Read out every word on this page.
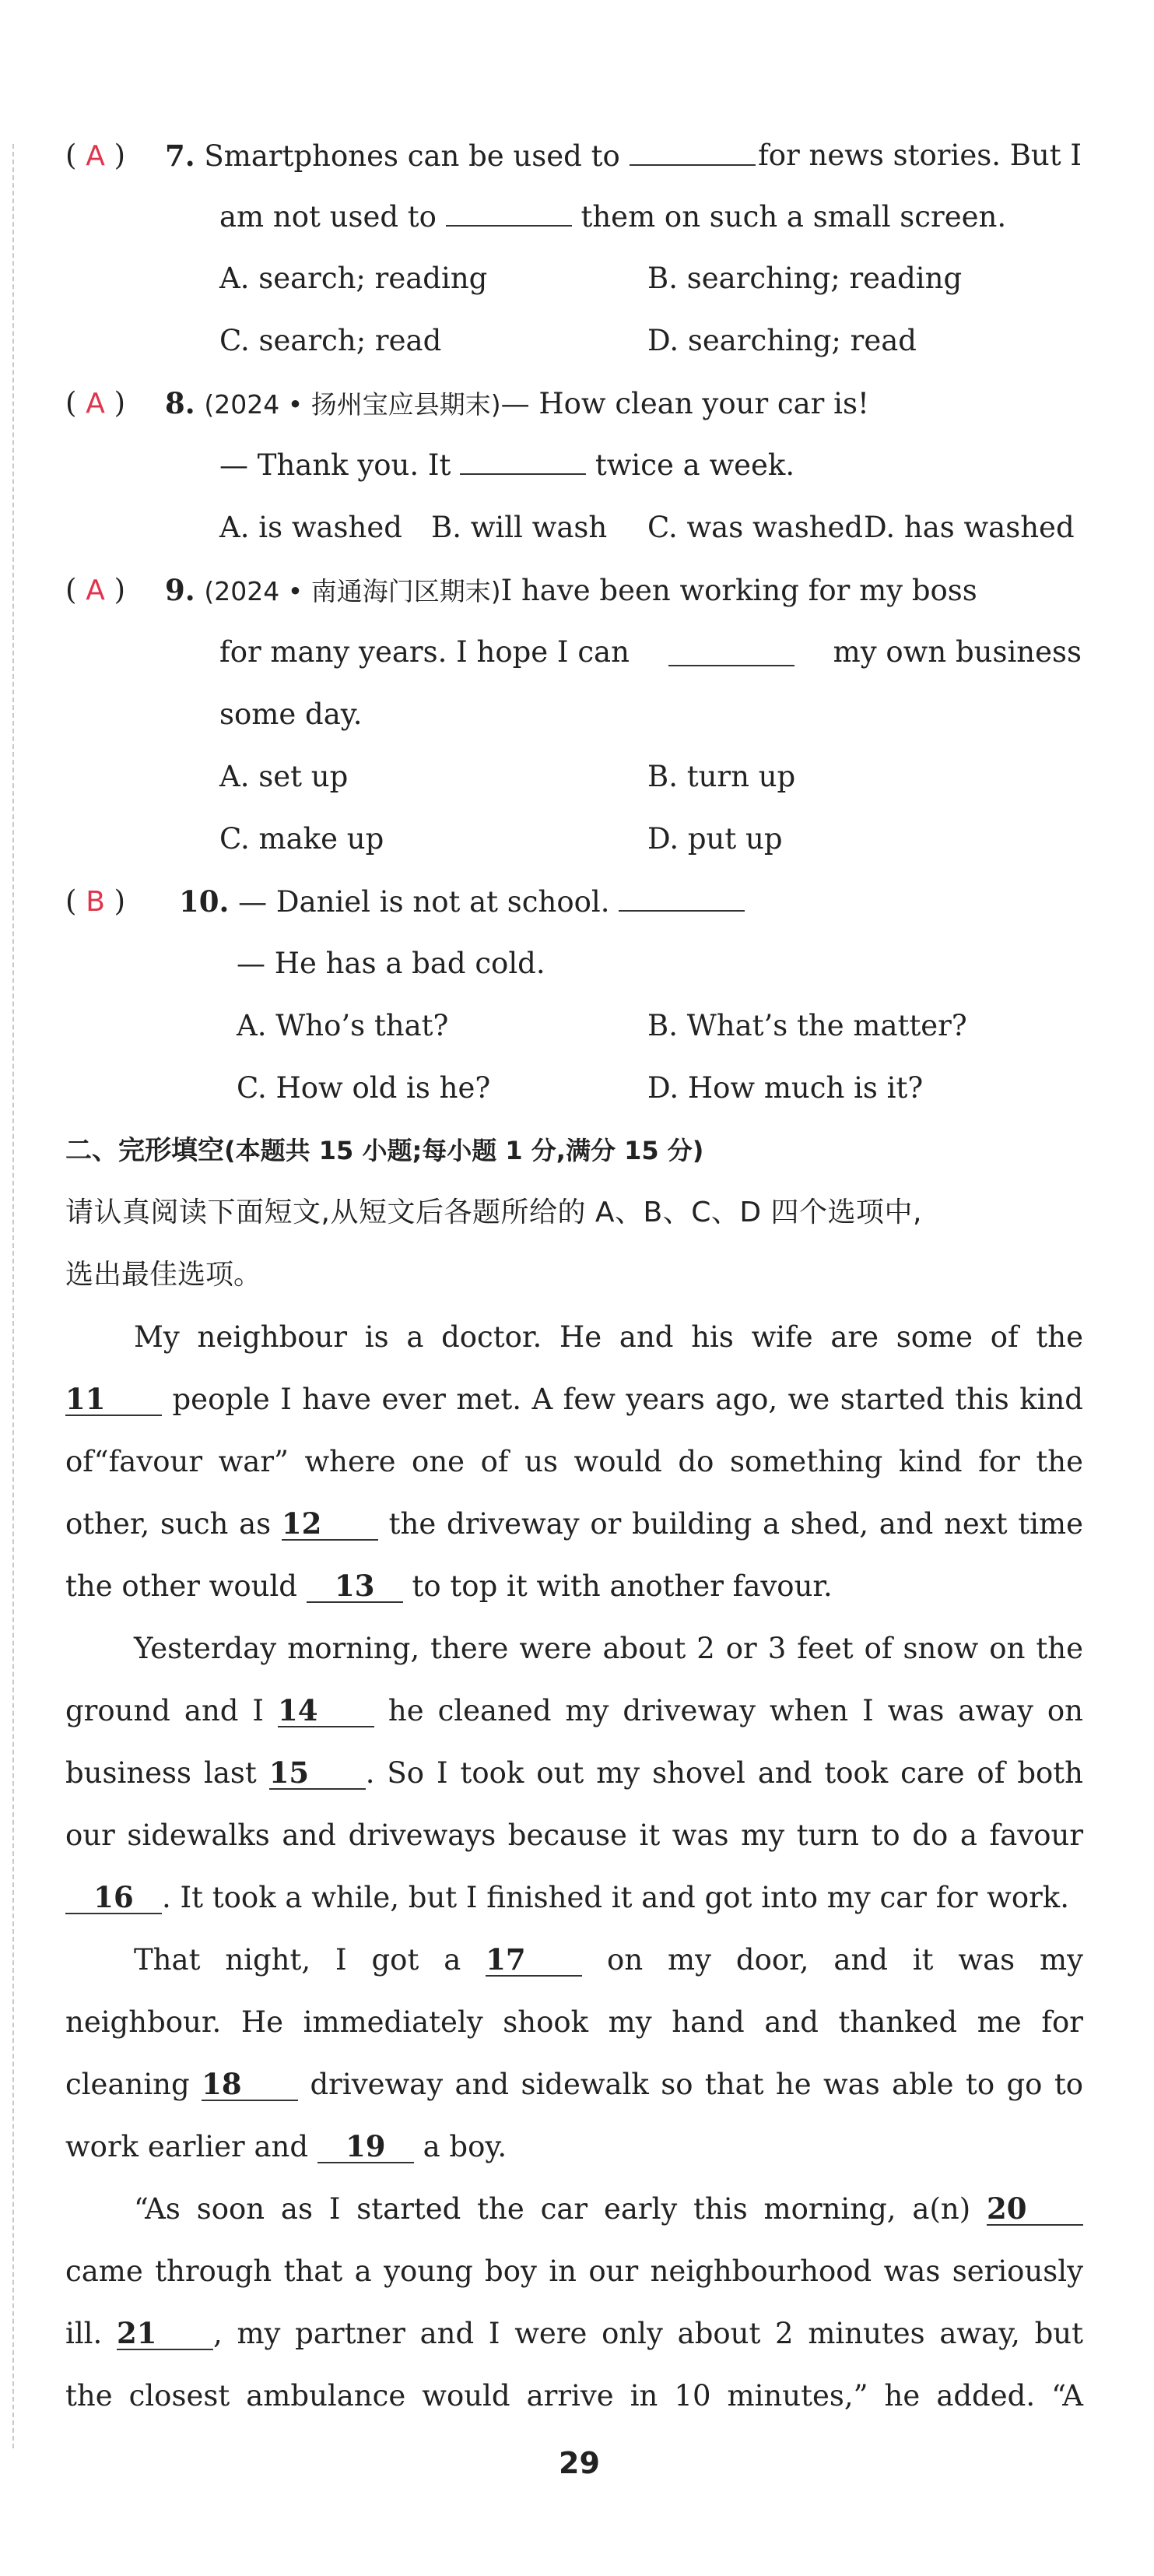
( A ) 7. Smartphones can be used to	for news stories. But I
am not used to	them on such a small screen.
A. search; reading	B. searching; reading
C. search; read	D. searching; read
( A ) 8. (2024 • 扬州宝应县期末)— How clean your car is!
— Thank you. It	twice a week.
A. is washed B. will wash C. was washed D. has washed
( A ) 9. (2024 • 南通海门区期末)I have been working for my boss
for many years. I hope I can	my own business
some day.
A. set up	B. turn up
C. make up	D. put up
( B ) 10. — Daniel is not at school.
— He has a bad cold.
A. Who’s that?	B. What’s the matter?
C. How old is he?	D. How much is it?
二、完形填空(本题共 15 小题;每小题 1 分,满分 15 分)
请认真阅读下面短文,从短文后各题所给的 A、B、C、D 四个选项中,
选出最佳选项。
My neighbour is a doctor. He and his wife are some of the
11 people I have ever met. A few years ago, we started this kind
of“favour war” where one of us would do something kind for the
other, such as 12 the driveway or building a shed, and next time
the other would 13 to top it with another favour.
Yesterday morning, there were about 2 or 3 feet of snow on the
ground and I 14 he cleaned my driveway when I was away on
business last 15 . So I took out my shovel and took care of both
our sidewalks and driveways because it was my turn to do a favour
16 . It took a while, but I finished it and got into my car for work.
That night, I got a 17	on my door, and it was my
neighbour. He immediately shook my hand and thanked me for
cleaning 18 driveway and sidewalk so that he was able to go to
work earlier and 19 a boy.
“As soon as I started the car early this morning, a(n) 20
came through that a young boy in our neighbourhood was seriously
ill. 21 , my partner and I were only about 2 minutes away, but
the closest ambulance would arrive in 10 minutes,” he added. “A
29
